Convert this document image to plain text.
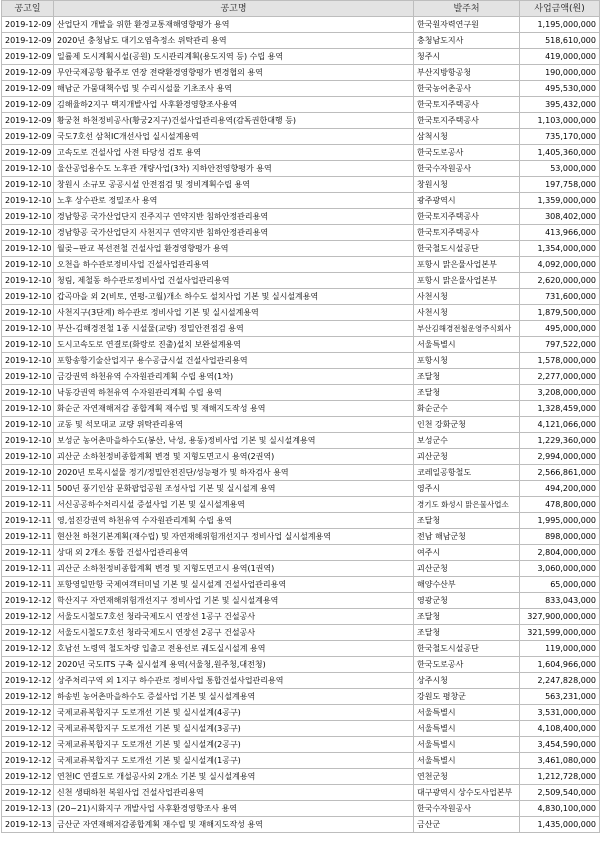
공고일	공고명	발주처	사업금액(원)
2019-12-09	산업단지 개발을 위한 환경교통재해영향평가 용역	한국원자력연구원	1,195,000,000
2019-12-09	2020년 충청남도 대기오염측정소 위탁관리 용역	충청남도지사	518,610,000
2019-12-09	일률제 도시계획시설(공원) 도시관리계획(용도지역 등) 수립 용역	청주시	419,000,000
2019-12-09	무안국제공항 활주로 연장 전략환경영향평가 변경협의 용역	부산지방항공청	190,000,000
2019-12-09	해남군 가뭄대책수립 및 수리시설물 기초조사 용역	한국농어촌공사	495,530,000
2019-12-09	김해율하2지구 택지개발사업 사후환경영향조사용역	한국토지주택공사	395,432,000
2019-12-09	황궁천 하천정비공사(황궁2지구)건설사업관리용역(감독권한대행 등)	한국토지주택공사	1,103,000,000
2019-12-09	국도7호선 삼척IC개선사업 실시설계용역	삼척시청	735,170,000
2019-12-09	고속도로 건설사업 사전 타당성 검토 용역	한국도로공사	1,405,360,000
2019-12-10	울산공업용수도 노후관 개량사업(3차) 지하안전영향평가 용역	한국수자원공사	53,000,000
2019-12-10	창원시 소규모 공공시설 안전점검 및 정비계획수립 용역	창원시청	197,758,000
2019-12-10	노후 상수관로 정밀조사 용역	광주광역시	1,359,000,000
2019-12-10	경남항공 국가산업단지 진주지구 연약지반 침하안정관리용역	한국토지주택공사	308,402,000
2019-12-10	경남항공 국가산업단지 사천지구 연약지반 침하안정관리용역	한국토지주택공사	413,966,000
2019-12-10	월곶~판교 복선전철 건설사업 환경영향평가 용역	한국철도시설공단	1,354,000,000
2019-12-10	오천읍 하수관로정비사업 건설사업관리용역	포항시 맑은물사업본부	4,092,000,000
2019-12-10	청림, 제철동 하수관로정비사업 건설사업관리용역	포항시 맑은물사업본부	2,620,000,000
2019-12-10	갑곡마을 외 2(비토, 연평-고월)개소 하수도 설치사업 기본 및 실시설계용역	사천시청	731,600,000
2019-12-10	사천지구(3단계) 하수관로 정비사업 기본 및 실시설계용역	사천시청	1,879,500,000
2019-12-10	부산-김해경전철 1종 시설물(교량) 정밀안전점검 용역	부산김해경전철운영주식회사	495,000,000
2019-12-10	도시고속도로 연결로(화랑로 진출)설치 보완설계용역	서울특별시	797,522,000
2019-12-10	포항송항기술산업지구 용수공급시설 건설사업관리용역	포항시청	1,578,000,000
2019-12-10	금강권역 하천유역 수자원관리계획 수립 용역(1차)	조달청	2,277,000,000
2019-12-10	낙동강권역 하천유역 수자원관리계획 수립 용역	조달청	3,208,000,000
2019-12-10	화순군 자연재해저감 종합계획 재수립 및 재해지도작성 용역	화순군수	1,328,459,000
2019-12-10	교동 및 석모대교 교량 위탁관리용역	인천 강화군청	4,121,066,000
2019-12-10	보성군 농어촌마을하수도(봉산, 낙성, 용동)정비사업 기본 및 실시설계용역	보성군수	1,229,360,000
2019-12-10	괴산군 소하천정비종합계획 변경 및 지형도면고시 용역(2권역)	괴산군청	2,994,000,000
2019-12-10	2020년 토목시설물 정기/정밀안전진단/성능평가 및 하자검사 용역	코레일공항철도	2,566,861,000
2019-12-11	500년 풍기인삼 문화팝업공원 조성사업 기본 및 실시설계 용역	영주시	494,200,000
2019-12-11	서신공공하수처리시설 증설사업 기본 및 실시설계용역	경기도 화성시 맑은물사업소	478,800,000
2019-12-11	영,섬진강권역 하천유역 수자원관리계획 수립 용역	조달청	1,995,000,000
2019-12-11	현산천 하천기본계획(재수립) 및 자연재해위험개선지구 정비사업 실시설계용역	전남 해남군청	898,000,000
2019-12-11	상대 외 2개소 통합 건설사업관리용역	여주시	2,804,000,000
2019-12-11	괴산군 소하천정비종합계획 변경 및 지형도면고시 용역(1권역)	괴산군청	3,060,000,000
2019-12-11	포항영일만항 국제여객터미널 기본 및 실시설계 건설사업관리용역	해양수산부	65,000,000
2019-12-12	학산지구 자연재해위험개선지구 정비사업 기본 및 실시설계용역	영광군청	833,043,000
2019-12-12	서울도시철도7호선 청라국제도시 연장선 1공구 건설공사	조달청	327,900,000,000
2019-12-12	서울도시철도7호선 청라국제도시 연장선 2공구 건설공사	조달청	321,599,000,000
2019-12-12	호남선 노령역 철도차량 입출고 전용선로 궤도실시설계 용역	한국철도시설공단	119,000,000
2019-12-12	2020년 국도ITS 구축 실시설계 용역(서울청,원주청,대전청)	한국도로공사	1,604,966,000
2019-12-12	상주처리구역 외 1지구 하수관로 정비사업 통합건설사업관리용역	상주시청	2,247,828,000
2019-12-12	하송빈 농어촌마을하수도 증설사업 기본 및 실시설계용역	강원도 평창군	563,231,000
2019-12-12	국제교류복합지구 도로개선 기본 및 실시설계(4공구)	서울특별시	3,531,000,000
2019-12-12	국제교류복합지구 도로개선 기본 및 실시설계(3공구)	서울특별시	4,108,400,000
2019-12-12	국제교류복합지구 도로개선 기본 및 실시설계(2공구)	서울특별시	3,454,590,000
2019-12-12	국제교류복합지구 도로개선 기본 및 실시설계(1공구)	서울특별시	3,461,080,000
2019-12-12	연천IC 연결도로 개설공사외 2개소 기본 및 실시설계용역	연천군청	1,212,728,000
2019-12-12	신천 생태하천 복원사업 건설사업관리용역	대구광역시 상수도사업본부	2,509,540,000
2019-12-13	(20~21)시화지구 개발사업 사후환경영향조사 용역	한국수자원공사	4,830,100,000
2019-12-13	금산군 자연재해저감종합계획 재수립 및 재해지도작성 용역	금산군	1,435,000,000
